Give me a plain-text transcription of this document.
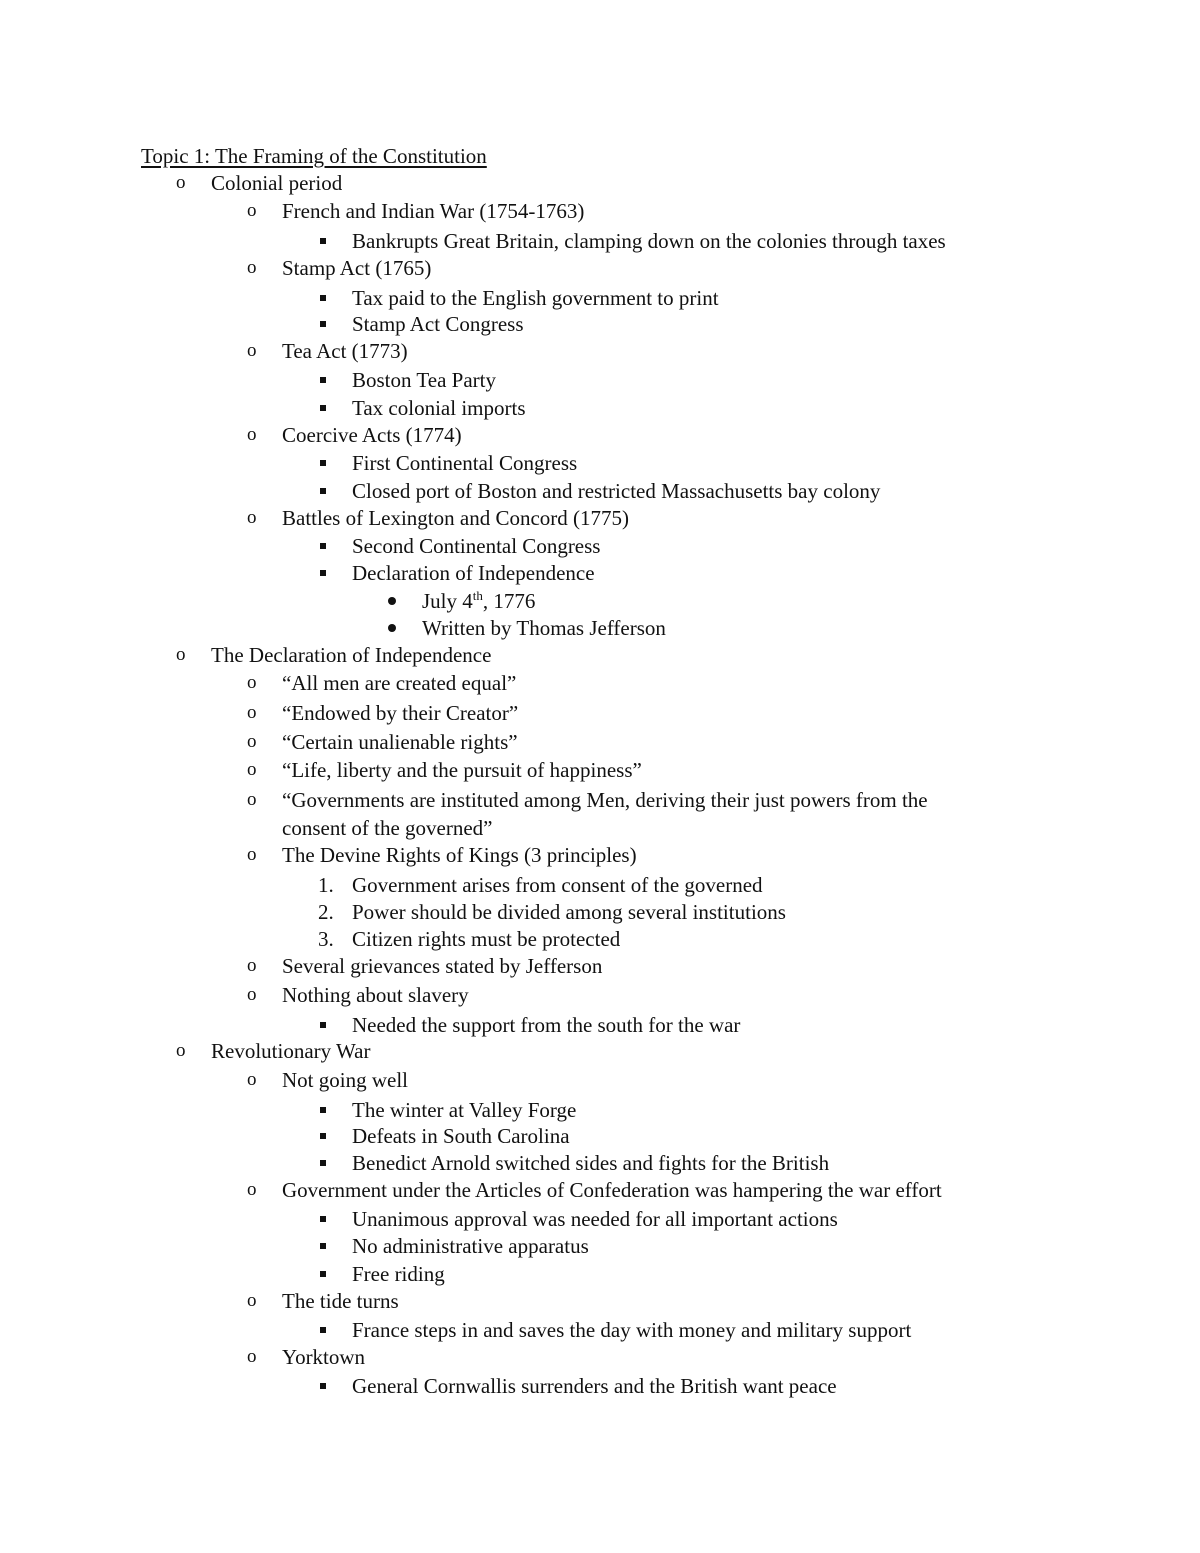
Topic 1: The Framing of the Constitution
o Colonial period
o French and Indian War (1754-1763)
Bankrupts Great Britain, clamping down on the colonies through taxes
o Stamp Act (1765)
Tax paid to the English government to print
Stamp Act Congress
o Tea Act (1773)
Boston Tea Party
Tax colonial imports
o Coercive Acts (1774)
First Continental Congress
Closed port of Boston and restricted Massachusetts bay colony
o Battles of Lexington and Concord (1775)
Second Continental Congress
Declaration of Independence
July 4th, 1776
Written by Thomas Jefferson
o The Declaration of Independence
o “All men are created equal”
o “Endowed by their Creator”
o “Certain unalienable rights”
o “Life, liberty and the pursuit of happiness”
o “Governments are instituted among Men, deriving their just powers from the
consent of the governed”
o The Devine Rights of Kings (3 principles)
1. Government arises from consent of the governed
2. Power should be divided among several institutions
3. Citizen rights must be protected
o Several grievances stated by Jefferson
o Nothing about slavery
Needed the support from the south for the war
o Revolutionary War
o Not going well
The winter at Valley Forge
Defeats in South Carolina
Benedict Arnold switched sides and fights for the British
o Government under the Articles of Confederation was hampering the war effort
Unanimous approval was needed for all important actions
No administrative apparatus
Free riding
o The tide turns
France steps in and saves the day with money and military support
o Yorktown
General Cornwallis surrenders and the British want peace
